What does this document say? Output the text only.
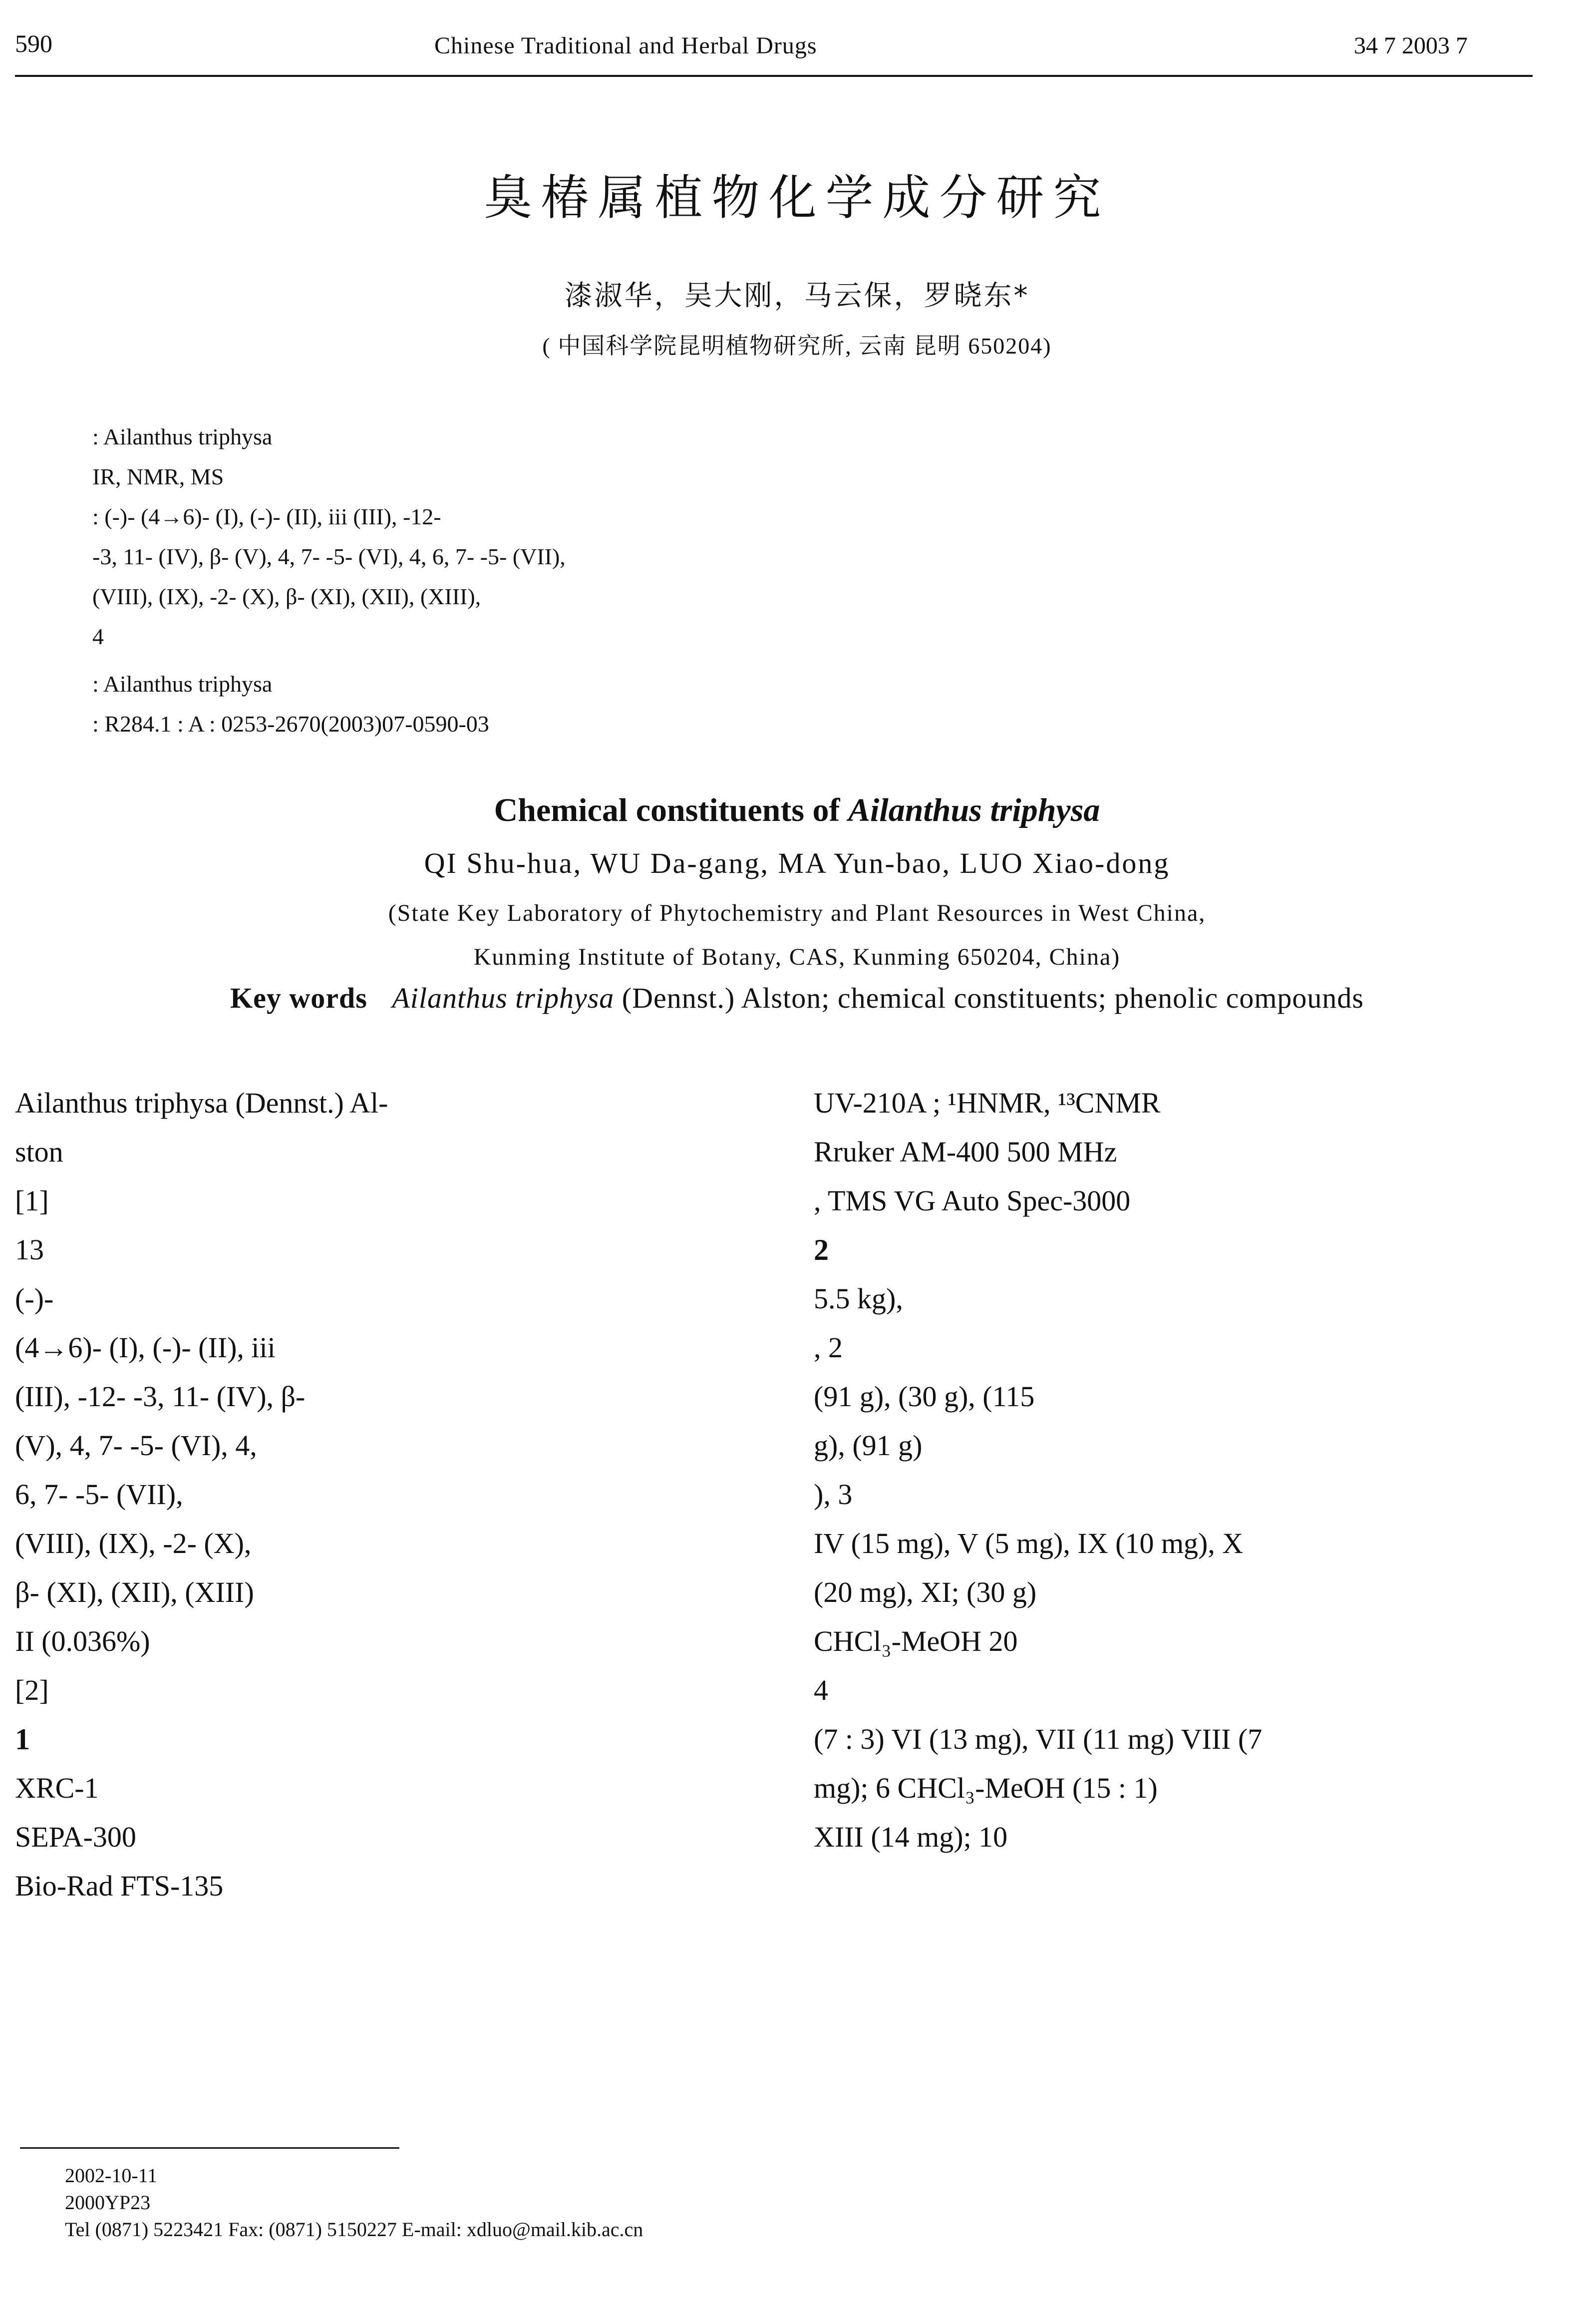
590	Chinese Traditional and Herbal Drugs	34 7 2003 7
臭椿属植物化学成分研究
漆淑华，吴大刚，马云保，罗晓东*
( 中国科学院昆明植物研究所, 云南 昆明 650204)
: Ailanthus triphysa
IR, NMR, MS
: (-)- (4→6)- (I), (-)- (II), iii (III), -12-
-3, 11- (IV), β- (V), 4, 7- -5- (VI), 4, 6, 7- -5- (VII),
(VIII), (IX), -2- (X), β- (XI), (XII), (XIII),
4
: Ailanthus triphysa
: R284.1 : A : 0253-2670(2003)07-0590-03
Chemical constituents of Ailanthus triphysa
QI Shu-hua, WU Da-gang, MA Yun-bao, LUO Xiao-dong
(State Key Laboratory of Phytochemistry and Plant Resources in West China,
Kunming Institute of Botany, CAS, Kunming 650204, China)
Key words Ailanthus triphysa (Dennst.) Alston; chemical constituents; phenolic compounds
Ailanthus triphysa (Dennst.) Al-
ston
[1]
13
(-)-
(4→6)- (I), (-)- (II), iii
(III), -12- -3, 11- (IV), β-
(V), 4, 7- -5- (VI), 4,
6, 7- -5- (VII),
(VIII), (IX), -2- (X),
β- (XI), (XII), (XIII)
II (0.036%)
[2]
1
XRC-1
SEPA-300
Bio-Rad FTS-135
UV-210A ; ¹HNMR, ¹³CNMR
Rruker AM-400 500 MHz
, TMS VG Auto Spec-3000
2
5.5 kg),
, 2
(91 g), (30 g), (115
g), (91 g)
), 3
IV (15 mg), V (5 mg), IX (10 mg), X
(20 mg), XI; (30 g)
CHCl₃-MeOH 20
4
(7 : 3) VI (13 mg), VII (11 mg) VIII (7
mg); 6 CHCl₃-MeOH (15 : 1)
XIII (14 mg); 10
2002-10-11
2000YP23
Tel (0871) 5223421 Fax: (0871) 5150227 E-mail: xdluo@mail.kib.ac.cn
